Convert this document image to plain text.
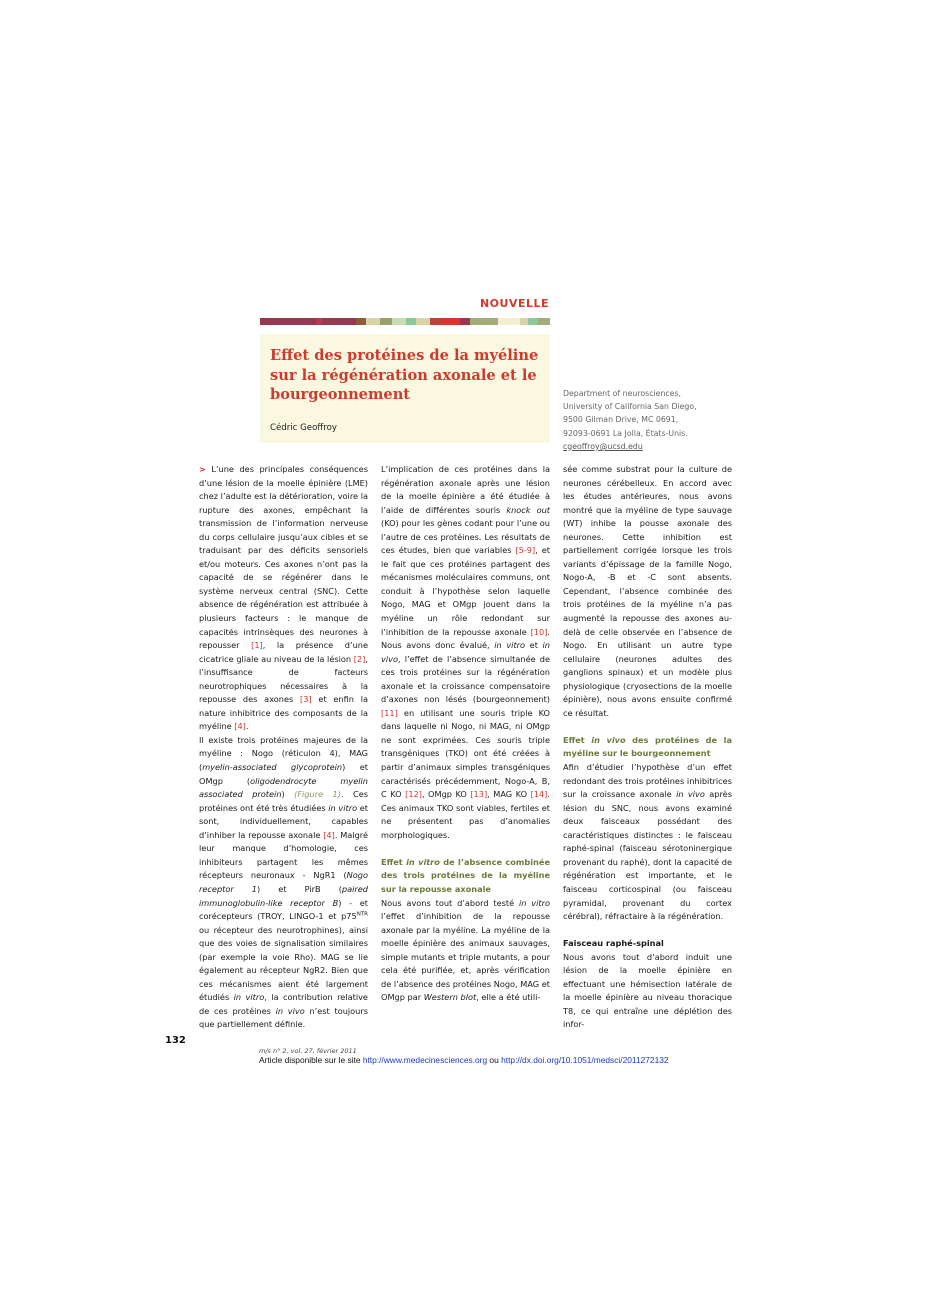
NOUVELLE
Effet des protéines de la myéline sur la régénération axonale et le bourgeonnement
Cédric Geoffroy
Department of neurosciences,
University of California San Diego,
9500 Gilman Drive, MC 0691,
92093-0691 La Jolla, États-Unis.
cgeoffroy@ucsd.edu

> L’une des principales conséquences d’une lésion de la moelle épinière (LME) chez l’adulte est la détérioration, voire la rupture des axones, empêchant la transmission de l’information nerveuse du corps cellulaire jusqu’aux cibles et se traduisant par des déficits sensoriels et/ou moteurs. Ces axones n’ont pas la capacité de se régénérer dans le système nerveux central (SNC). Cette absence de régénération est attribuée à plusieurs facteurs : le manque de capacités intrinsèques des neurones à repousser [1], la présence d’une cicatrice gliale au niveau de la lésion [2], l’insuffisance de facteurs neurotrophiques nécessaires à la repousse des axones [3] et enfin la nature inhibitrice des composants de la myéline [4].

Il existe trois protéines majeures de la myéline : Nogo (réticulon 4), MAG (myelin-associated glycoprotein) et OMgp (oligodendrocyte myelin associated protein) (Figure 1). Ces protéines ont été très étudiées in vitro et sont, individuellement, capables d’inhiber la repousse axonale [4]. Malgré leur manque d’homologie, ces inhibiteurs partagent les mêmes récepteurs neuronaux - NgR1 (Nogo receptor 1) et PirB (paired immunoglobulin-like receptor B) - et corécepteurs (TROY, LINGO-1 et $p75^{NTR}$ ou récepteur des neurotrophines), ainsi que des voies de signalisation similaires (par exemple la voie Rho). MAG se lie également au récepteur NgR2. Bien que ces mécanismes aient été largement étudiés in vitro, la contribution relative de ces protéines in vivo n’est toujours que partiellement définie.

L’implication de ces protéines dans la régénération axonale après une lésion de la moelle épinière a été étudiée à l’aide de différentes souris knock out (KO) pour les gènes codant pour l’une ou l’autre de ces protéines. Les résultats de ces études, bien que variables [5-9], et le fait que ces protéines partagent des mécanismes moléculaires communs, ont conduit à l’hypothèse selon laquelle Nogo, MAG et OMgp jouent dans la myéline un rôle redondant sur l’inhibition de la repousse axonale [10]. Nous avons donc évalué, in vitro et in vivo, l’effet de l’absence simultanée de ces trois protéines sur la régénération axonale et la croissance compensatoire d’axones non lésés (bourgeonnement) [11] en utilisant une souris triple KO dans laquelle ni Nogo, ni MAG, ni OMgp ne sont exprimées. Ces souris triple transgéniques (TKO) ont été créées à partir d’animaux simples transgéniques caractérisés précédemment, Nogo-A, B, C KO [12], OMgp KO [13], MAG KO [14]. Ces animaux TKO sont viables, fertiles et ne présentent pas d’anomalies morphologiques.

Effet in vitro de l’absence combinée des trois protéines de la myéline sur la repousse axonale

Nous avons tout d’abord testé in vitro l’effet d’inhibition de la repousse axonale par la myéline. La myéline de la moelle épinière des animaux sauvages, simple mutants et triple mutants, a pour cela été purifiée, et, après vérification de l’absence des protéines Nogo, MAG et OMgp par Western blot, elle a été utili-

sée comme substrat pour la culture de neurones cérébelleux. En accord avec les études antérieures, nous avons montré que la myéline de type sauvage (WT) inhibe la pousse axonale des neurones. Cette inhibition est partiellement corrigée lorsque les trois variants d’épissage de la famille Nogo, Nogo-A, -B et -C sont absents. Cependant, l’absence combinée des trois protéines de la myéline n’a pas augmenté la repousse des axones au-delà de celle observée en l’absence de Nogo. En utilisant un autre type cellulaire (neurones adultes des ganglions spinaux) et un modèle plus physiologique (cryosections de la moelle épinière), nous avons ensuite confirmé ce résultat.

Effet in vivo des protéines de la myéline sur le bourgeonnement

Afin d’étudier l’hypothèse d’un effet redondant des trois protéines inhibitrices sur la croissance axonale in vivo après lésion du SNC, nous avons examiné deux faisceaux possédant des caractéristiques distinctes : le faisceau raphé-spinal (faisceau sérotoninergique provenant du raphé), dont la capacité de régénération est importante, et le faisceau corticospinal (ou faisceau pyramidal, provenant du cortex cérébral), réfractaire à la régénération.

Faisceau raphé-spinal

Nous avons tout d’abord induit une lésion de la moelle épinière en effectuant une hémisection latérale de la moelle épinière au niveau thoracique T8, ce qui entraîne une déplétion des infor-

132
m/s n° 2, vol. 27, février 2011
Article disponible sur le site http://www.medecinesciences.org ou http://dx.doi.org/10.1051/medsci/2011272132
